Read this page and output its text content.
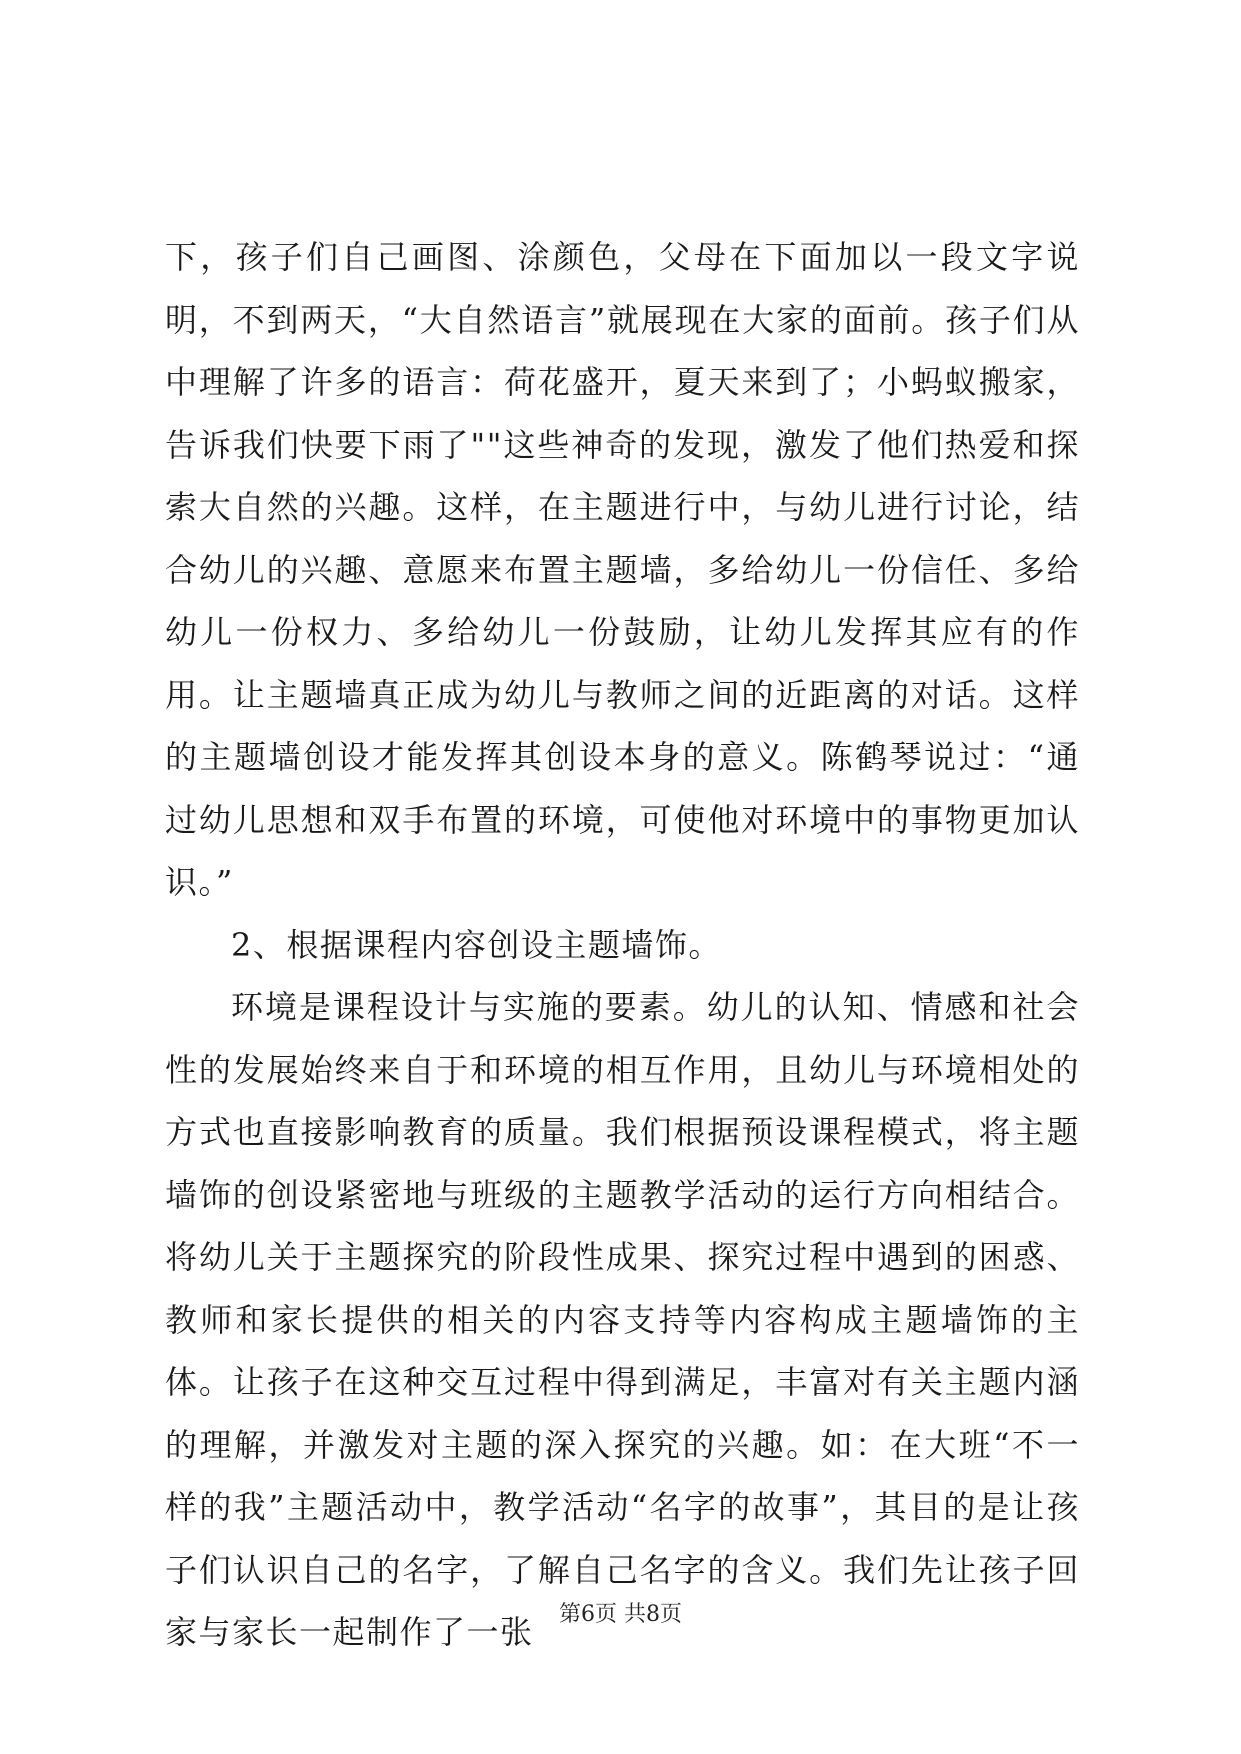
下，孩子们自己画图、涂颜色，父母在下面加以一段文字说明，不到两天，“大自然语言”就展现在大家的面前。孩子们从中理解了许多的语言：荷花盛开，夏天来到了；小蚂蚁搬家，告诉我们快要下雨了""这些神奇的发现，激发了他们热爱和探索大自然的兴趣。这样，在主题进行中，与幼儿进行讨论，结合幼儿的兴趣、意愿来布置主题墙，多给幼儿一份信任、多给幼儿一份权力、多给幼儿一份鼓励，让幼儿发挥其应有的作用。让主题墙真正成为幼儿与教师之间的近距离的对话。这样的主题墙创设才能发挥其创设本身的意义。陈鹤琴说过：“通过幼儿思想和双手布置的环境，可使他对环境中的事物更加认识。”

2、根据课程内容创设主题墙饰。

环境是课程设计与实施的要素。幼儿的认知、情感和社会性的发展始终来自于和环境的相互作用，且幼儿与环境相处的方式也直接影响教育的质量。我们根据预设课程模式，将主题墙饰的创设紧密地与班级的主题教学活动的运行方向相结合。将幼儿关于主题探究的阶段性成果、探究过程中遇到的困惑、教师和家长提供的相关的内容支持等内容构成主题墙饰的主体。让孩子在这种交互过程中得到满足，丰富对有关主题内涵的理解，并激发对主题的深入探究的兴趣。如：在大班“不一样的我”主题活动中，教学活动“名字的故事”，其目的是让孩子们认识自己的名字，了解自己名字的含义。我们先让孩子回家与家长一起制作了一张	第6页 共8页
